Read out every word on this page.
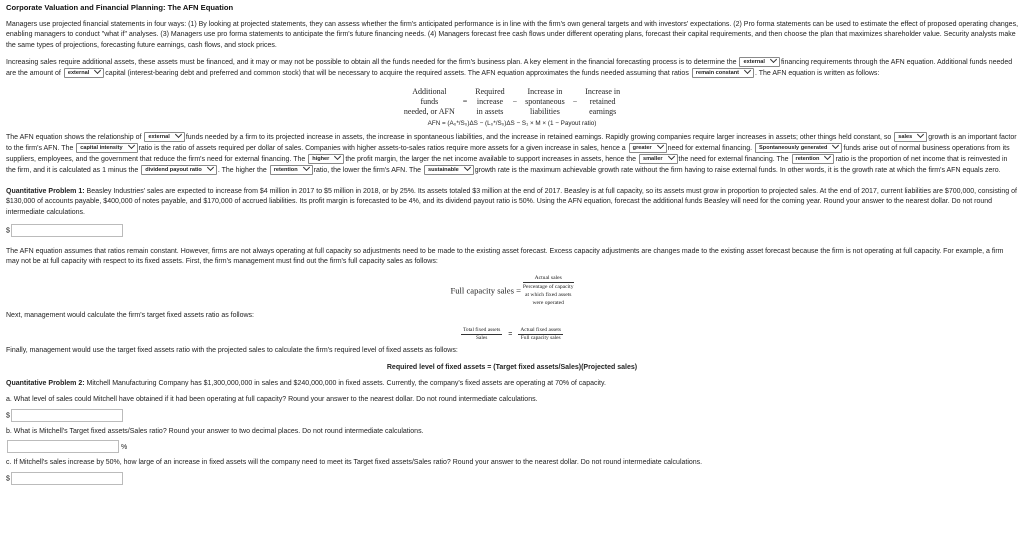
Corporate Valuation and Financial Planning: The AFN Equation

Managers use projected financial statements in four ways: (1) By looking at projected statements, they can assess whether the firm's anticipated performance is in line with the firm's own general targets and with investors' expectations. (2) Pro forma statements can be used to estimate the effect of proposed operating changes, enabling managers to conduct "what if" analyses. (3) Managers use pro forma statements to anticipate the firm's future financing needs. (4) Managers forecast free cash flows under different operating plans, forecast their capital requirements, and then choose the plan that maximizes shareholder value. Security analysts make the same types of projections, forecasting future earnings, cash flows, and stock prices.

Increasing sales require additional assets, these assets must be financed, and it may or may not be possible to obtain all the funds needed for the firm's business plan. A key element in the financial forecasting process is to determine the external financing requirements through the AFN equation. Additional funds needed are the amount of external capital (interest-bearing debt and preferred and common stock) that will be necessary to acquire the required assets. The AFN equation approximates the funds needed assuming that ratios remain constant . The AFN equation is written as follows:

Additional
funds
needed, or AFN
=
Required
increase
in assets
−
Increase in
spontaneous
liabilities
−
Increase in
retained
earnings
AFN = (A₀*/S₀)ΔS − (L₀*/S₀)ΔS − S₁ × M × (1 − Payout ratio)

The AFN equation shows the relationship of external funds needed by a firm to its projected increase in assets, the increase in spontaneous liabilities, and the increase in retained earnings. Rapidly growing companies require larger increases in assets; other things held constant, so sales growth is an important factor to the firm's AFN. The capital intensity ratio is the ratio of assets required per dollar of sales. Companies with higher assets-to-sales ratios require more assets for a given increase in sales, hence a greater need for external financing. Spontaneously generated funds arise out of normal business operations from its suppliers, employees, and the government that reduce the firm's need for external financing. The higher the profit margin, the larger the net income available to support increases in assets, hence the smaller the need for external financing. The retention ratio is the proportion of net income that is reinvested in the firm, and it is calculated as 1 minus the dividend payout ratio . The higher the retention ratio, the lower the firm's AFN. The sustainable growth rate is the maximum achievable growth rate without the firm having to raise external funds. In other words, it is the growth rate at which the firm's AFN equals zero.

Quantitative Problem 1: Beasley Industries' sales are expected to increase from $4 million in 2017 to $5 million in 2018, or by 25%. Its assets totaled $3 million at the end of 2017. Beasley is at full capacity, so its assets must grow in proportion to projected sales. At the end of 2017, current liabilities are $700,000, consisting of $130,000 of accounts payable, $400,000 of notes payable, and $170,000 of accrued liabilities. Its profit margin is forecasted to be 4%, and its dividend payout ratio is 50%. Using the AFN equation, forecast the additional funds Beasley will need for the coming year. Round your answer to the nearest dollar. Do not round intermediate calculations.

$

The AFN equation assumes that ratios remain constant. However, firms are not always operating at full capacity so adjustments need to be made to the existing asset forecast. Excess capacity adjustments are changes made to the existing asset forecast because the firm is not operating at full capacity. For example, a firm may not be at full capacity with respect to its fixed assets. First, the firm's management must find out the firm's full capacity sales as follows:

Full capacity sales =
Actual sales
Percentage of capacity
at which fixed assets
were operated

Next, management would calculate the firm's target fixed assets ratio as follows:

$\frac{\text{Total fixed assets}}{\text{Sales}} = \frac{\text{Actual fixed assets}}{\text{Full capacity sales}}$

Finally, management would use the target fixed assets ratio with the projected sales to calculate the firm's required level of fixed assets as follows:

Required level of fixed assets = (Target fixed assets/Sales)(Projected sales)

Quantitative Problem 2: Mitchell Manufacturing Company has $1,300,000,000 in sales and $240,000,000 in fixed assets. Currently, the company's fixed assets are operating at 70% of capacity.

a. What level of sales could Mitchell have obtained if it had been operating at full capacity? Round your answer to the nearest dollar. Do not round intermediate calculations.

$

b. What is Mitchell's Target fixed assets/Sales ratio? Round your answer to two decimal places. Do not round intermediate calculations.

%

c. If Mitchell's sales increase by 50%, how large of an increase in fixed assets will the company need to meet its Target fixed assets/Sales ratio? Round your answer to the nearest dollar. Do not round intermediate calculations.

$
